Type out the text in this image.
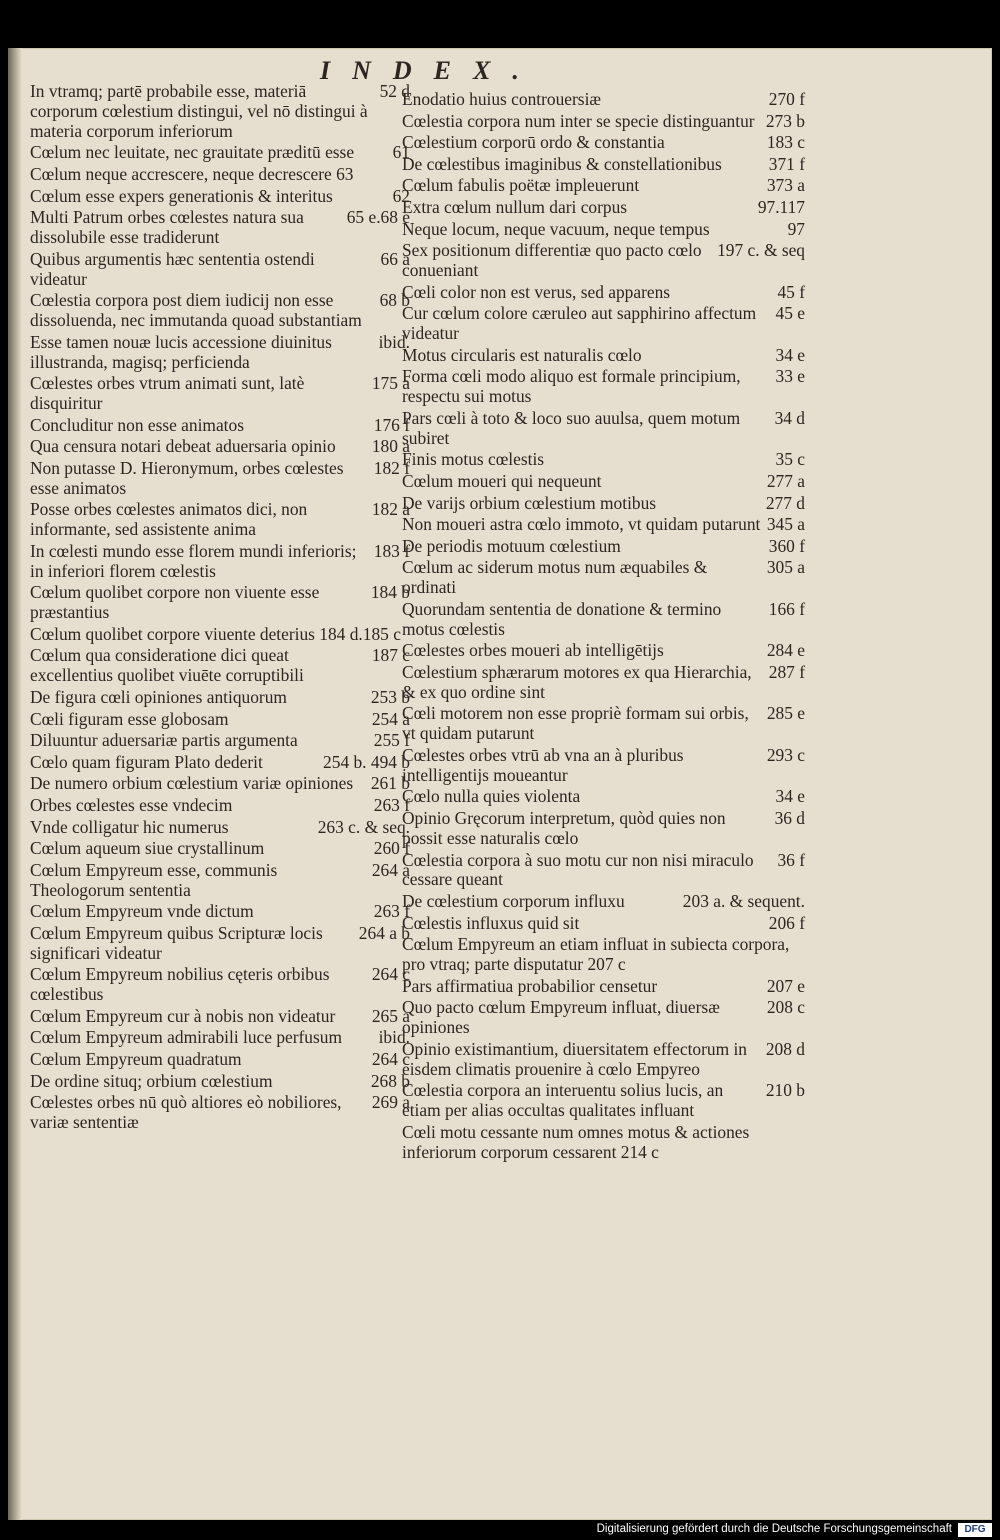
INDEX.
52 d
In vtramq; partē probabile esse, materiā corporum cœlestium distingui, vel nō distingui à materia corporum inferiorum
61
Cœlum nec leuitate, nec grauitate præditū esse
Cœlum neque accrescere, neque decrescere 63
62
Cœlum esse expers generationis & interitus
65 e.68 e
Multi Patrum orbes cœlestes natura sua dissolubile esse tradiderunt
66 a
Quibus argumentis hæc sententia ostendi videatur
68 b
Cœlestia corpora post diem iudicij non esse dissoluenda, nec immutanda quoad substantiam
ibid.
Esse tamen nouæ lucis accessione diuinitus illustranda, magisq; perficienda
175 a
Cœlestes orbes vtrum animati sunt, latè disquiritur
176 f
Concluditur non esse animatos
180 a
Qua censura notari debeat aduersaria opinio
182 f
Non putasse D. Hieronymum, orbes cœlestes esse animatos
182 a
Posse orbes cœlestes animatos dici, non informante, sed assistente anima
183 f
In cœlesti mundo esse florem mundi inferioris; in inferiori florem cœlestis
184 b
Cœlum quolibet corpore non viuente esse præstantius
Cœlum quolibet corpore viuente deterius 184 d.185 c
187 c
Cœlum qua consideratione dici queat excellentius quolibet viuēte corruptibili
253 b
De figura cœli opiniones antiquorum
254 a
Cœli figuram esse globosam
255 f
Diluuntur aduersariæ partis argumenta
254 b. 494 b
Cœlo quam figuram Plato dederit
261 b
De numero orbium cœlestium variæ opiniones
263 f
Orbes cœlestes esse vndecim
263 c. & seq.
Vnde colligatur hic numerus
260 f
Cœlum aqueum siue crystallinum
264 a
Cœlum Empyreum esse, communis Theologorum sententia
263 f
Cœlum Empyreum vnde dictum
264 a b
Cœlum Empyreum quibus Scripturæ locis significari videatur
264 c
Cœlum Empyreum nobilius cęteris orbibus cœlestibus
265 a
Cœlum Empyreum cur à nobis non videatur
ibid.
Cœlum Empyreum admirabili luce perfusum
264 c
Cœlum Empyreum quadratum
268 b
De ordine situq; orbium cœlestium
269 a
Cœlestes orbes nū quò altiores eò nobiliores, variæ sententiæ
270 f
Enodatio huius controuersiæ
273 b
Cœlestia corpora num inter se specie distinguantur
183 c
Cœlestium corporū ordo & constantia
371 f
De cœlestibus imaginibus & constellationibus
373 a
Cœlum fabulis poëtæ impleuerunt
97.117
Extra cœlum nullum dari corpus
97
Neque locum, neque vacuum, neque tempus
197 c. & seq
Sex positionum differentiæ quo pacto cœlo conueniant
45 f
Cœli color non est verus, sed apparens
45 e
Cur cœlum colore cæruleo aut sapphirino affectum videatur
34 e
Motus circularis est naturalis cœlo
33 e
Forma cœli modo aliquo est formale principium, respectu sui motus
34 d
Pars cœli à toto & loco suo auulsa, quem motum subiret
35 c
Finis motus cœlestis
277 a
Cœlum moueri qui nequeunt
277 d
De varijs orbium cœlestium motibus
345 a
Non moueri astra cœlo immoto, vt quidam putarunt
360 f
De periodis motuum cœlestium
305 a
Cœlum ac siderum motus num æquabiles & ordinati
166 f
Quorundam sententia de donatione & termino motus cœlestis
284 e
Cœlestes orbes moueri ab intelligētijs
287 f
Cœlestium sphærarum motores ex qua Hierarchia, & ex quo ordine sint
285 e
Cœli motorem non esse propriè formam sui orbis, vt quidam putarunt
293 c
Cœlestes orbes vtrū ab vna an à pluribus intelligentijs moueantur
34 e
Cœlo nulla quies violenta
36 d
Opinio Gręcorum interpretum, quòd quies non possit esse naturalis cœlo
36 f
Cœlestia corpora à suo motu cur non nisi miraculo cessare queant
203 a. & sequent.
De cœlestium corporum influxu
206 f
Cœlestis influxus quid sit
Cœlum Empyreum an etiam influat in subiecta corpora, pro vtraq; parte disputatur 207 c
207 e
Pars affirmatiua probabilior censetur
208 c
Quo pacto cœlum Empyreum influat, diuersæ opiniones
208 d
Opinio existimantium, diuersitatem effectorum in eisdem climatis prouenire à cœlo Empyreo
210 b
Cœlestia corpora an interuentu solius lucis, an etiam per alias occultas qualitates influant
Cœli motu cessante num omnes motus & actiones inferiorum corporum cessarent 214 c
Digitalisierung gefördert durch die Deutsche Forschungsgemeinschaft	DFG
